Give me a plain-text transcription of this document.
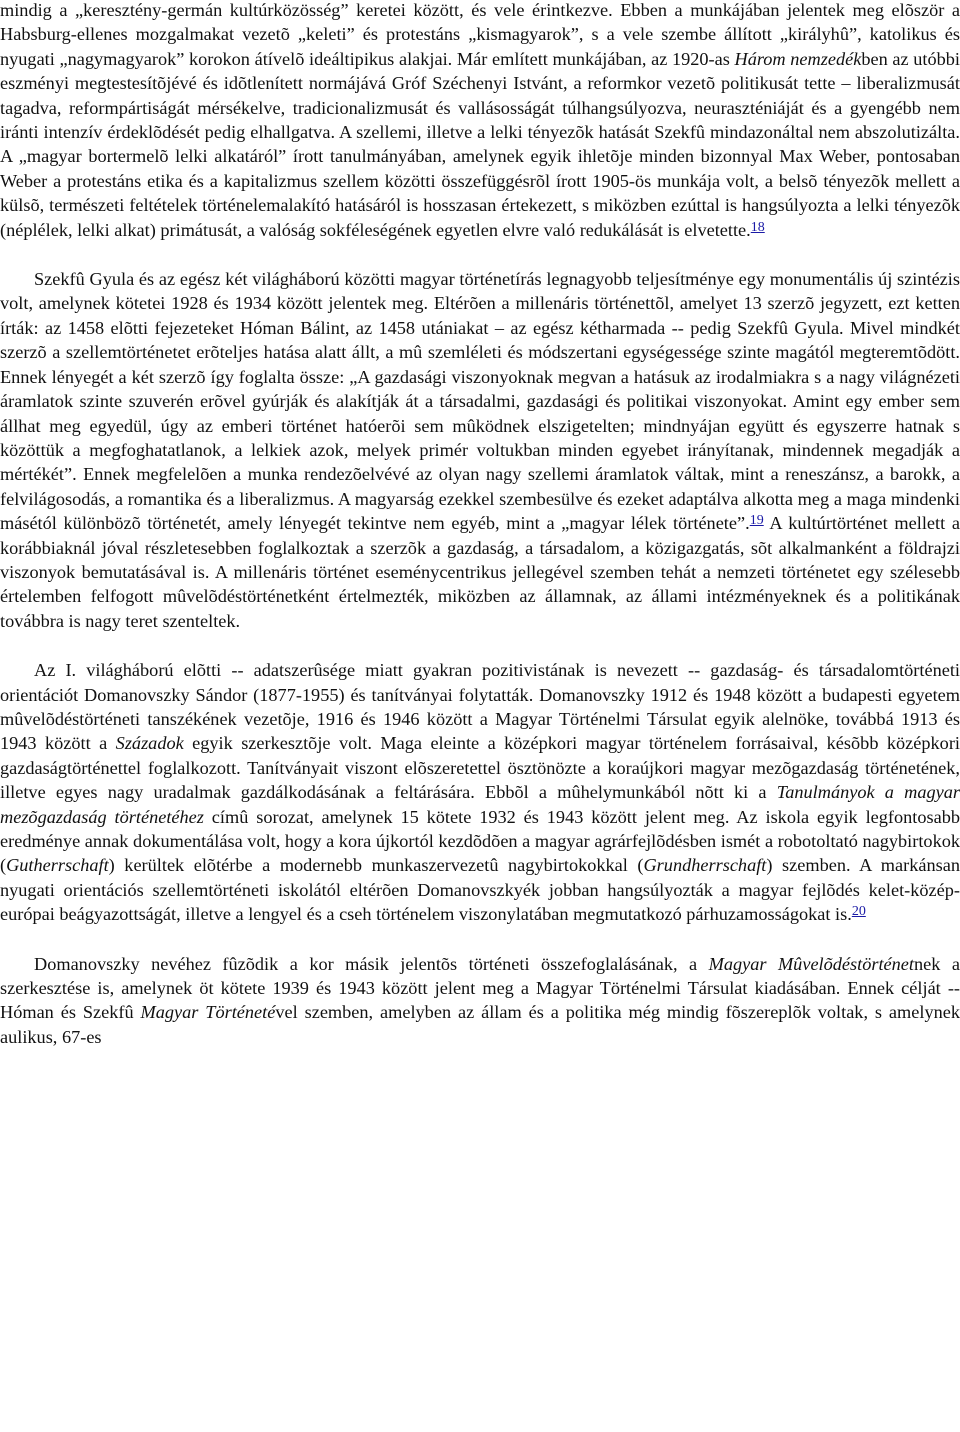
mindig a „keresztény-germán kultúrközösség” keretei között, és vele érintkezve. Ebben a munkájában jelentek meg elõször a Habsburg-ellenes mozgalmakat vezetõ „keleti” és protestáns „kismagyarok”, s a vele szembe állított „királyhû”, katolikus és nyugati „nagymagyarok” korokon átívelõ ideáltipikus alakjai. Már említett munkájában, az 1920-as Három nemzedékben az utóbbi eszményi megtestesítõjévé és idõtlenített normájává Gróf Széchenyi Istvánt, a reformkor vezetõ politikusát tette – liberalizmusát tagadva, reformpártiságát mérsékelve, tradicionalizmusát és vallásosságát túlhangsúlyozva, neuraszténiáját és a gyengébb nem iránti intenzív érdeklõdését pedig elhallgatva. A szellemi, illetve a lelki tényezõk hatását Szekfû mindazonáltal nem abszolutizálta. A „magyar bortermelõ lelki alkatáról” írott tanulmányában, amelynek egyik ihletõje minden bizonnyal Max Weber, pontosaban Weber a protestáns etika és a kapitalizmus szellem közötti összefüggésrõl írott 1905-ös munkája volt, a belsõ tényezõk mellett a külsõ, természeti feltételek történelemalakító hatásáról is hosszasan értekezett, s miközben ezúttal is hangsúlyozta a lelki tényezõk (néplélek, lelki alkat) primátusát, a valóság sokféleségének egyetlen elvre való redukálását is elvetette.$^{18}$

Szekfû Gyula és az egész két világháború közötti magyar történetírás legnagyobb teljesítménye egy monumentális új szintézis volt, amelynek kötetei 1928 és 1934 között jelentek meg. Eltérõen a millenáris történettõl, amelyet 13 szerzõ jegyzett, ezt ketten írták: az 1458 elõtti fejezeteket Hóman Bálint, az 1458 utániakat – az egész kétharmada -- pedig Szekfû Gyula. Mivel mindkét szerzõ a szellemtörténetet erõteljes hatása alatt állt, a mû szemléleti és módszertani egységessége szinte magától megteremtõdött. Ennek lényegét a két szerzõ így foglalta össze: „A gazdasági viszonyoknak megvan a hatásuk az irodalmiakra s a nagy világnézeti áramlatok szinte szuverén erõvel gyúrják és alakítják át a társadalmi, gazdasági és politikai viszonyokat. Amint egy ember sem állhat meg egyedül, úgy az emberi történet hatóerõi sem mûködnek elszigetelten; mindnyájan együtt és egyszerre hatnak s közöttük a megfoghatatlanok, a lelkiek azok, melyek primér voltukban minden egyebet irányítanak, mindennek megadják a mértékét”. Ennek megfelelõen a munka rendezõelvévé az olyan nagy szellemi áramlatok váltak, mint a reneszánsz, a barokk, a felvilágosodás, a romantika és a liberalizmus. A magyarság ezekkel szembesülve és ezeket adaptálva alkotta meg a maga mindenki másétól különbözõ történetét, amely lényegét tekintve nem egyéb, mint a „magyar lélek története”.$^{19}$ A kultúrtörténet mellett a korábbiaknál jóval részletesebben foglalkoztak a szerzõk a gazdaság, a társadalom, a közigazgatás, sõt alkalmanként a földrajzi viszonyok bemutatásával is. A millenáris történet eseménycentrikus jellegével szemben tehát a nemzeti történetet egy szélesebb értelemben felfogott mûvelõdéstörténetként értelmezték, miközben az államnak, az állami intézményeknek és a politikának továbbra is nagy teret szenteltek.

Az I. világháború elõtti -- adatszerûsége miatt gyakran pozitivistának is nevezett -- gazdaság- és társadalomtörténeti orientációt Domanovszky Sándor (1877-1955) és tanítványai folytatták. Domanovszky 1912 és 1948 között a budapesti egyetem mûvelõdéstörténeti tanszékének vezetõje, 1916 és 1946 között a Magyar Történelmi Társulat egyik alelnöke, továbbá 1913 és 1943 között a Századok egyik szerkesztõje volt. Maga eleinte a középkori magyar történelem forrásaival, késõbb középkori gazdaságtörténettel foglalkozott. Tanítványait viszont elõszeretettel ösztönözte a koraújkori magyar mezõgazdaság történetének, illetve egyes nagy uradalmak gazdálkodásának a feltárására. Ebbõl a mûhelymunkából nõtt ki a Tanulmányok a magyar mezõgazdaság történetéhez címû sorozat, amelynek 15 kötete 1932 és 1943 között jelent meg. Az iskola egyik legfontosabb eredménye annak dokumentálása volt, hogy a kora újkortól kezdõdõen a magyar agrárfejlõdésben ismét a robotoltató nagybirtokok (Gutherrschaft) kerültek elõtérbe a modernebb munkaszervezetû nagybirtokokkal (Grundherrschaft) szemben. A markánsan nyugati orientációs szellemtörténeti iskolától eltérõen Domanovszkyék jobban hangsúlyozták a magyar fejlõdés kelet-közép-európai beágyazottságát, illetve a lengyel és a cseh történelem viszonylatában megmutatkozó párhuzamosságokat is.$^{20}$

Domanovszky nevéhez fûzõdik a kor másik jelentõs történeti összefoglalásának, a Magyar Mûvelõdéstörténetnek a szerkesztése is, amelynek öt kötete 1939 és 1943 között jelent meg a Magyar Történelmi Társulat kiadásában. Ennek célját -- Hóman és Szekfû Magyar Történetével szemben, amelyben az állam és a politika még mindig fõszereplõk voltak, s amelynek aulikus, 67-es
